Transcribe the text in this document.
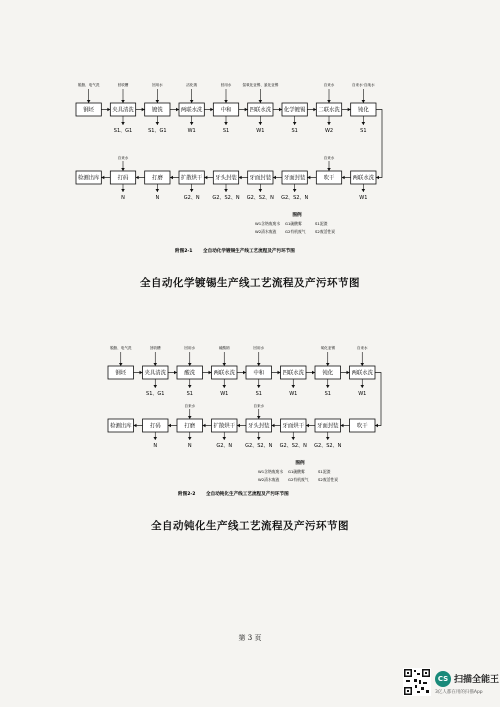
钢坯
脱脂、电气洗
夹具清洗
回收槽
S1、G1
镀铣
回用水
S1、G1
两联水洗
活化钠
W1
中和
回用水
S1
四联水洗
氢氧化亚锡、氯化亚锡
W1
化学镀锡
S1
二联水洗
自来水
W2
钝化
自来水·自纯水
S1
检测出库	打码
自来水
N
打磨
N
扩散烘干
G2、N
牙头封装
G2、S2、N
牙面封装
G2、S2、N
牙面封装
G2、S2、N
吹干
自来水
两联水洗
W1
图例
W1含铬废废水 G1硫酸雾	S1泥渣
W2清水废液 G2有机废气 S2废活性炭
附图2-1 全自动化学镀锡生产线工艺流程及产污环节图
全自动化学镀锡生产线工艺流程及产污环节图
钢坯
脱脂、电气洗
夹具清洗
回收槽
S1、G1
酸洗
回用水
S1
两联水洗
硫酸钠
W1
中和
回用水
S1
四联水洗
W1
钝化
氧化亚锡
S1
两联水洗
自来水
W1
检测出库	打码
N
打磨
自来水
N
扩散烘干
G2、N
牙头封装
自来水
G2、S2、N
牙面烘干
G2、S2、N
牙面封装
G2、S2、N
吹干
图例
W1含铬废废水 G1硫酸雾	S1泥渣
W2清水废液 G2有机废气 S2废活性炭
附图2-2 全自动钝化生产线工艺流程及产污环节图
全自动钝化生产线工艺流程及产污环节图
第 3 页
CS 扫描全能王
3亿人都在用的扫描App
